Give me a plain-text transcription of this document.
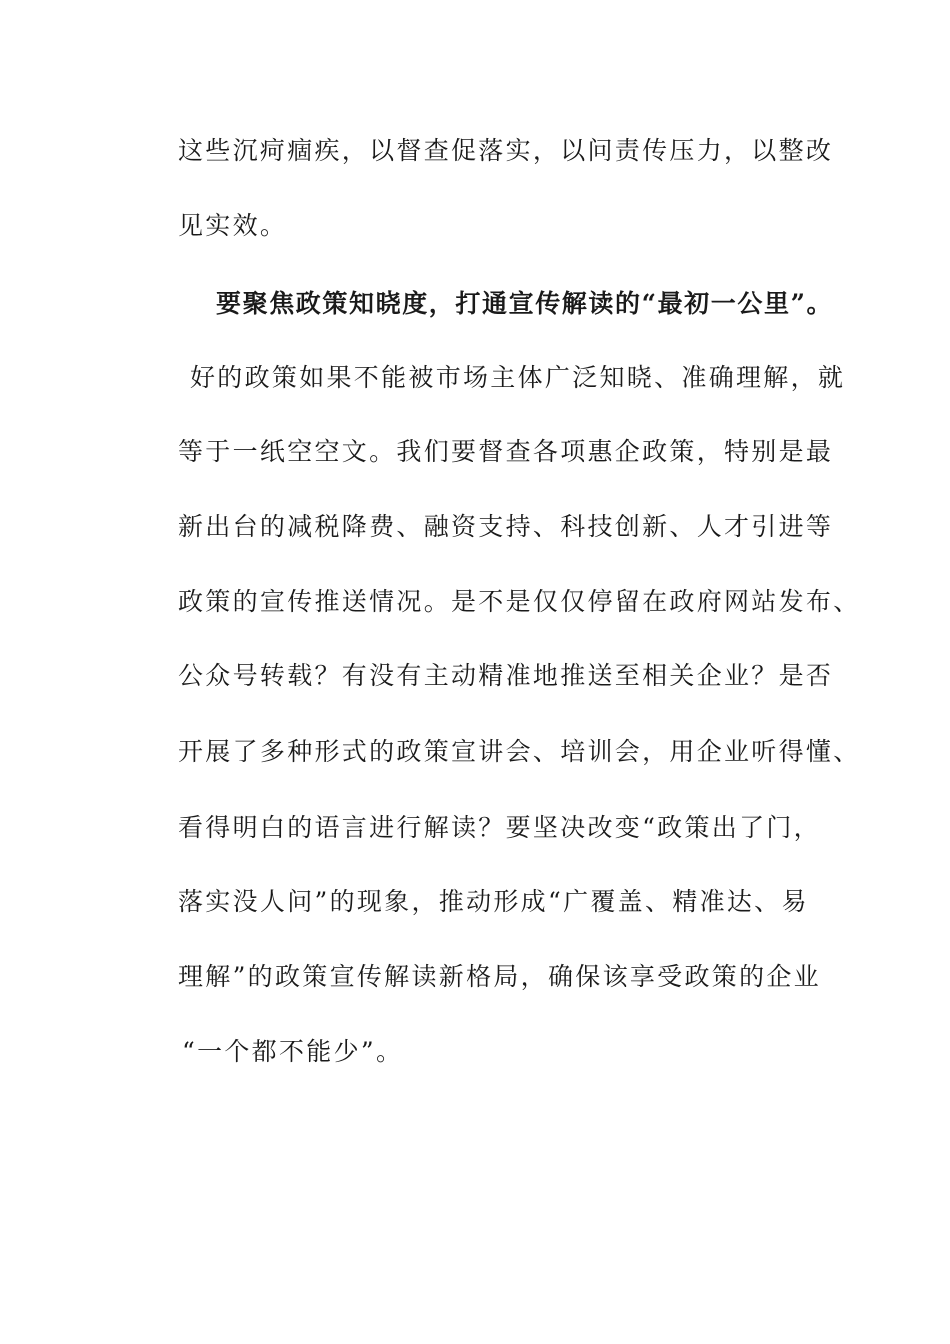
这些沉疴痼疾，以督查促落实，以问责传压力，以整改
见实效。
要聚焦政策知晓度，打通宣传解读的“最初一公里”。
好的政策如果不能被市场主体广泛知晓、准确理解，就
等于一纸空空文。我们要督查各项惠企政策，特别是最
新出台的减税降费、融资支持、科技创新、人才引进等
政策的宣传推送情况。是不是仅仅停留在政府网站发布、
公众号转载？有没有主动精准地推送至相关企业？是否
开展了多种形式的政策宣讲会、培训会，用企业听得懂、
看得明白的语言进行解读？要坚决改变“政策出了门，
落实没人问”的现象，推动形成“广覆盖、精准达、易
理解”的政策宣传解读新格局，确保该享受政策的企业
“一个都不能少”。
